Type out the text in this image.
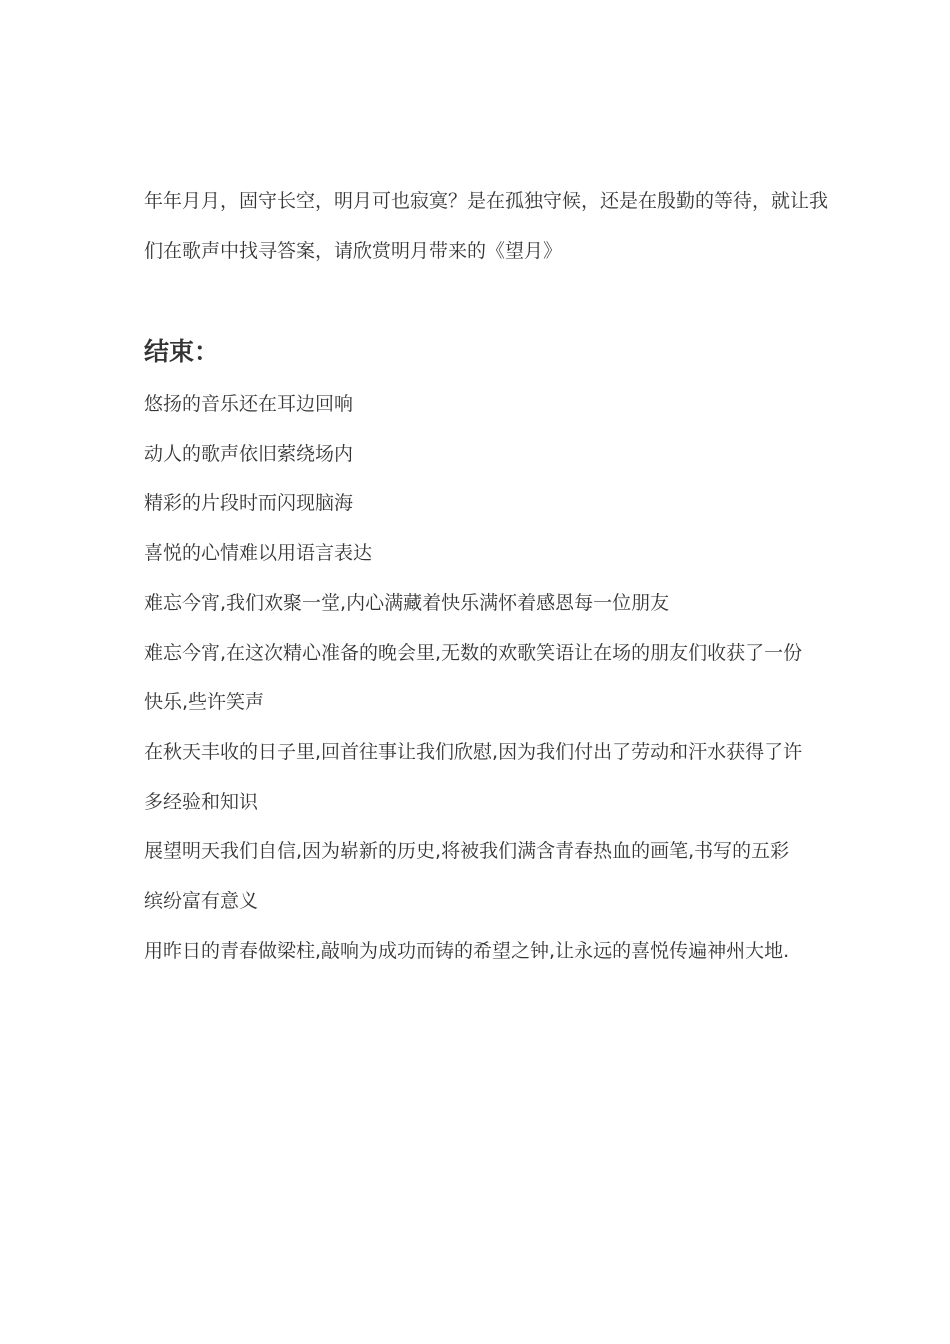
年年月月，固守长空，明月可也寂寞？是在孤独守候，还是在殷勤的等待，就让我

们在歌声中找寻答案，请欣赏明月带来的《望月》

结束：

悠扬的音乐还在耳边回响

动人的歌声依旧萦绕场内

精彩的片段时而闪现脑海

喜悦的心情难以用语言表达

难忘今宵,我们欢聚一堂,内心满藏着快乐满怀着感恩每一位朋友

难忘今宵,在这次精心准备的晚会里,无数的欢歌笑语让在场的朋友们收获了一份

快乐,些许笑声

在秋天丰收的日子里,回首往事让我们欣慰,因为我们付出了劳动和汗水获得了许

多经验和知识

展望明天我们自信,因为崭新的历史,将被我们满含青春热血的画笔,书写的五彩

缤纷富有意义

用昨日的青春做梁柱,敲响为成功而铸的希望之钟,让永远的喜悦传遍神州大地.
